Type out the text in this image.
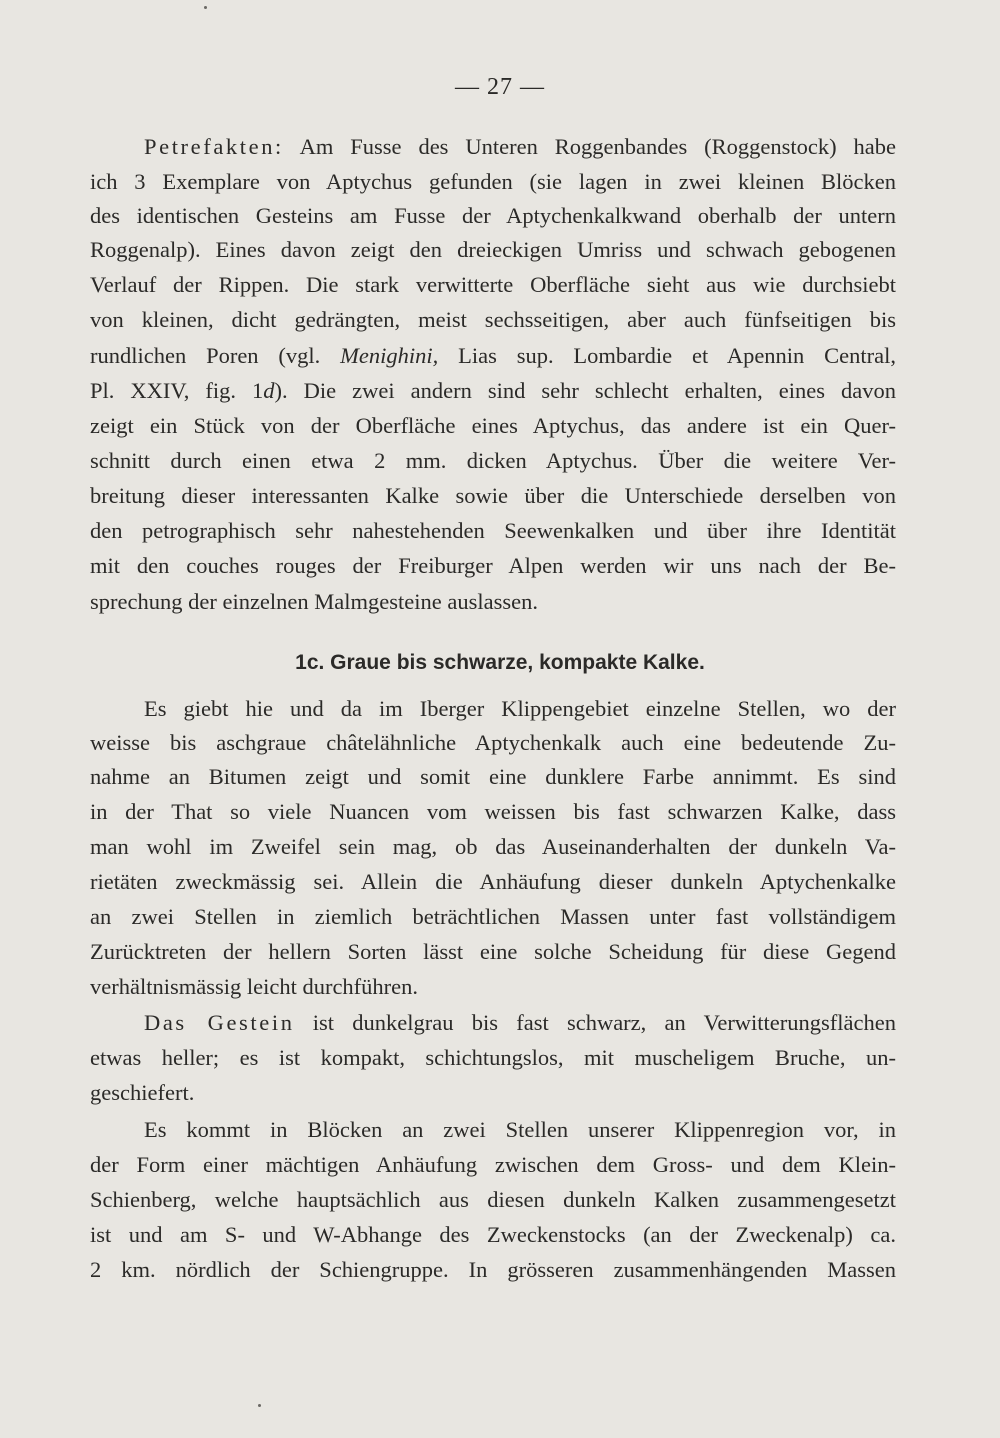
— 27 —
Petrefakten: Am Fusse des Unteren Roggenbandes (Roggenstock) habe
ich 3 Exemplare von Aptychus gefunden (sie lagen in zwei kleinen Blöcken
des identischen Gesteins am Fusse der Aptychenkalkwand oberhalb der untern
Roggenalp). Eines davon zeigt den dreieckigen Umriss und schwach gebogenen
Verlauf der Rippen. Die stark verwitterte Oberfläche sieht aus wie durchsiebt
von kleinen, dicht gedrängten, meist sechsseitigen, aber auch fünfseitigen bis
rundlichen Poren (vgl. Menighini, Lias sup. Lombardie et Apennin Central,
Pl. XXIV, fig. 1d). Die zwei andern sind sehr schlecht erhalten, eines davon
zeigt ein Stück von der Oberfläche eines Aptychus, das andere ist ein Quer-
schnitt durch einen etwa 2 mm. dicken Aptychus. Über die weitere Ver-
breitung dieser interessanten Kalke sowie über die Unterschiede derselben von
den petrographisch sehr nahestehenden Seewenkalken und über ihre Identität
mit den couches rouges der Freiburger Alpen werden wir uns nach der Be-
sprechung der einzelnen Malmgesteine auslassen.
1c. Graue bis schwarze, kompakte Kalke.
Es giebt hie und da im Iberger Klippengebiet einzelne Stellen, wo der
weisse bis aschgraue châtelähnliche Aptychenkalk auch eine bedeutende Zu-
nahme an Bitumen zeigt und somit eine dunklere Farbe annimmt. Es sind
in der That so viele Nuancen vom weissen bis fast schwarzen Kalke, dass
man wohl im Zweifel sein mag, ob das Auseinanderhalten der dunkeln Va-
rietäten zweckmässig sei. Allein die Anhäufung dieser dunkeln Aptychenkalke
an zwei Stellen in ziemlich beträchtlichen Massen unter fast vollständigem
Zurücktreten der hellern Sorten lässt eine solche Scheidung für diese Gegend
verhältnismässig leicht durchführen.
Das Gestein ist dunkelgrau bis fast schwarz, an Verwitterungsflächen
etwas heller; es ist kompakt, schichtungslos, mit muscheligem Bruche, un-
geschiefert.
Es kommt in Blöcken an zwei Stellen unserer Klippenregion vor, in
der Form einer mächtigen Anhäufung zwischen dem Gross- und dem Klein-
Schienberg, welche hauptsächlich aus diesen dunkeln Kalken zusammengesetzt
ist und am S- und W-Abhange des Zweckenstocks (an der Zweckenalp) ca.
2 km. nördlich der Schiengruppe. In grösseren zusammenhängenden Massen
